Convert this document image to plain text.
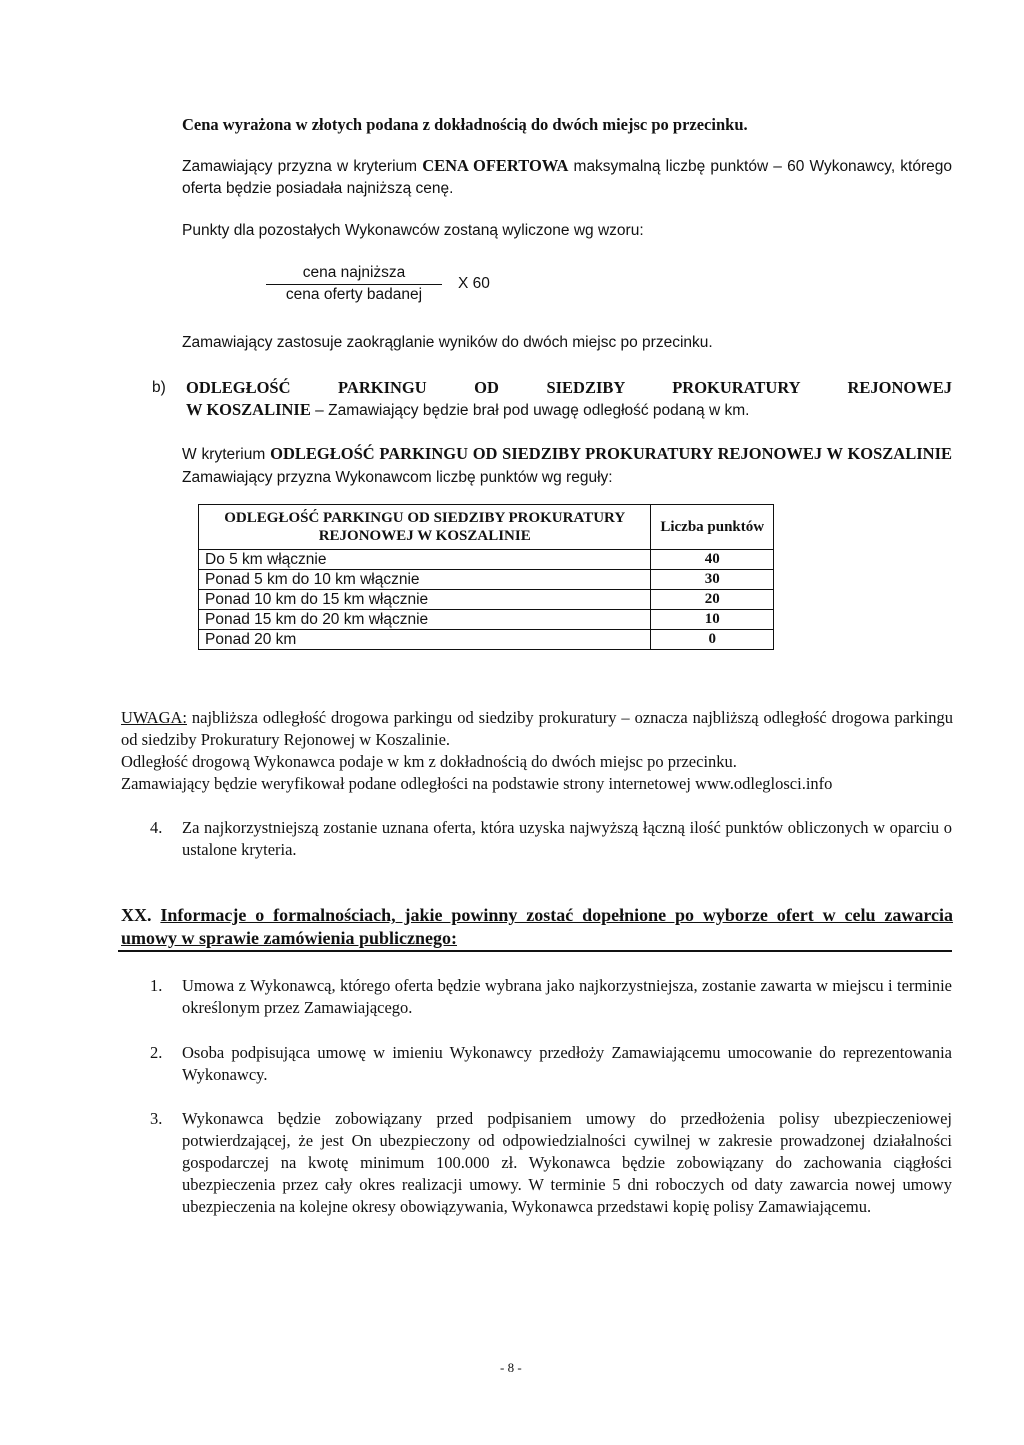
Cena wyrażona w złotych podana z dokładnością do dwóch miejsc po przecinku.
Zamawiający przyzna w kryterium CENA OFERTOWA maksymalną liczbę punktów – 60 Wykonawcy, którego oferta będzie posiadała najniższą cenę.
Punkty dla pozostałych Wykonawców zostaną wyliczone wg wzoru:
cena najniższa
cena oferty badanej
X 60
Zamawiający zastosuje zaokrąglanie wyników do dwóch miejsc po przecinku.
b) ODLEGŁOŚĆ PARKINGU OD SIEDZIBY PROKURATURY REJONOWEJ
W KOSZALINIE – Zamawiający będzie brał pod uwagę odległość podaną w km.
W kryterium ODLEGŁOŚĆ PARKINGU OD SIEDZIBY PROKURATURY REJONOWEJ W KOSZALINIE Zamawiający przyzna Wykonawcom liczbę punktów wg reguły:
ODLEGŁOŚĆ PARKINGU OD SIEDZIBY PROKURATURY REJONOWEJ W KOSZALINIE	Liczba punktów
Do 5 km włącznie	40
Ponad 5 km do 10 km włącznie	30
Ponad 10 km do 15 km włącznie	20
Ponad 15 km do 20 km włącznie	10
Ponad 20 km	0
UWAGA: najbliższa odległość drogowa parkingu od siedziby prokuratury – oznacza najbliższą odległość drogowa parkingu od siedziby Prokuratury Rejonowej w Koszalinie.
Odległość drogową Wykonawca podaje w km z dokładnością do dwóch miejsc po przecinku.
Zamawiający będzie weryfikował podane odległości na podstawie strony internetowej www.odleglosci.info
4. Za najkorzystniejszą zostanie uznana oferta, która uzyska najwyższą łączną ilość punktów obliczonych w oparciu o ustalone kryteria.
XX. Informacje o formalnościach, jakie powinny zostać dopełnione po wyborze ofert w celu zawarcia umowy w sprawie zamówienia publicznego:
1. Umowa z Wykonawcą, którego oferta będzie wybrana jako najkorzystniejsza, zostanie zawarta w miejscu i terminie określonym przez Zamawiającego.
2. Osoba podpisująca umowę w imieniu Wykonawcy przedłoży Zamawiającemu umocowanie do reprezentowania Wykonawcy.
3. Wykonawca będzie zobowiązany przed podpisaniem umowy do przedłożenia polisy ubezpieczeniowej potwierdzającej, że jest On ubezpieczony od odpowiedzialności cywilnej w zakresie prowadzonej działalności gospodarczej na kwotę minimum 100.000 zł. Wykonawca będzie zobowiązany do zachowania ciągłości ubezpieczenia przez cały okres realizacji umowy. W terminie 5 dni roboczych od daty zawarcia nowej umowy ubezpieczenia na kolejne okresy obowiązywania, Wykonawca przedstawi kopię polisy Zamawiającemu.
- 8 -
